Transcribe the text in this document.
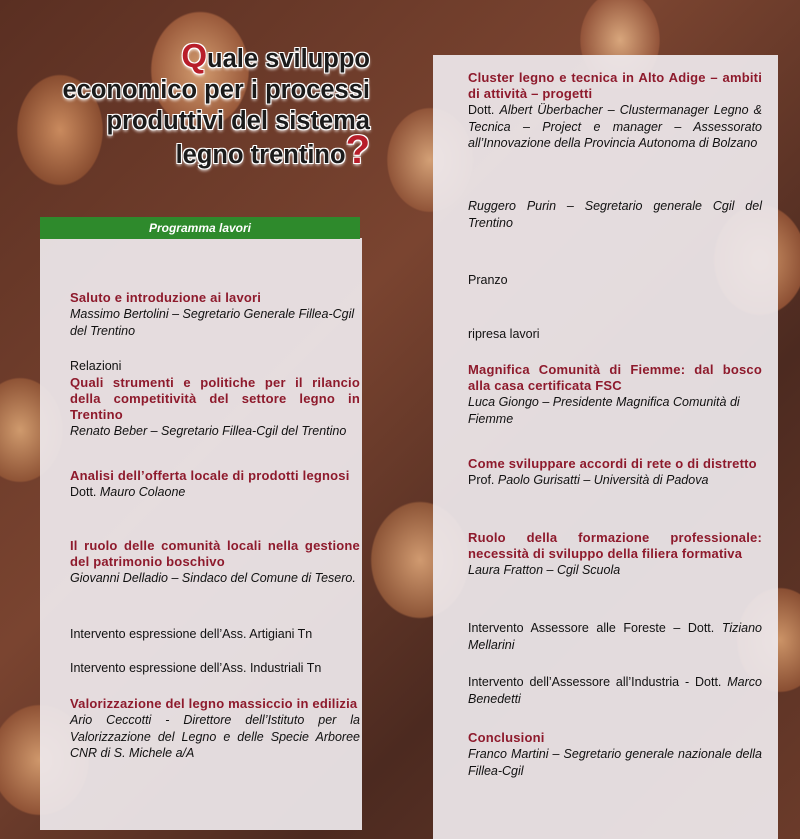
Quale sviluppo
economico per i processi
produttivi del sistema
legno trentino?
Programma lavori
Saluto e introduzione ai lavori
Massimo Bertolini – Segretario Generale Fillea-Cgil del Trentino
Relazioni
Quali strumenti e politiche per il rilancio della competitività del settore legno in Trentino
Renato Beber – Segretario Fillea-Cgil del Trentino
Analisi dell’offerta locale di prodotti legnosi
Dott. Mauro Colaone
Il ruolo delle comunità locali nella gestione del patrimonio boschivo
Giovanni Delladio – Sindaco del Comune di Tesero.
Intervento espressione dell’Ass. Artigiani Tn
Intervento espressione dell’Ass. Industriali Tn
Valorizzazione del legno massiccio in edilizia
Ario Ceccotti - Direttore dell’Istituto per la Valorizzazione del Legno e delle Specie Arboree CNR di S. Michele a/A
Cluster legno e tecnica in Alto Adige – ambiti di attività – progetti
Dott. Albert Überbacher – Clustermanager Legno & Tecnica – Project e manager – Assessorato all’Innovazione della Provincia Autonoma di Bolzano
Ruggero Purin – Segretario generale Cgil del Trentino
Pranzo
ripresa lavori
Magnifica Comunità di Fiemme: dal bosco alla casa certificata FSC
Luca Giongo – Presidente Magnifica Comunità di Fiemme
Come sviluppare accordi di rete o di distretto
Prof. Paolo Gurisatti – Università di Padova
Ruolo della formazione professionale: necessità di sviluppo della filiera formativa
Laura Fratton – Cgil Scuola
Intervento Assessore alle Foreste – Dott. Tiziano Mellarini
Intervento dell’Assessore all’Industria - Dott. Marco Benedetti
Conclusioni
Franco Martini – Segretario generale nazionale della Fillea-Cgil
